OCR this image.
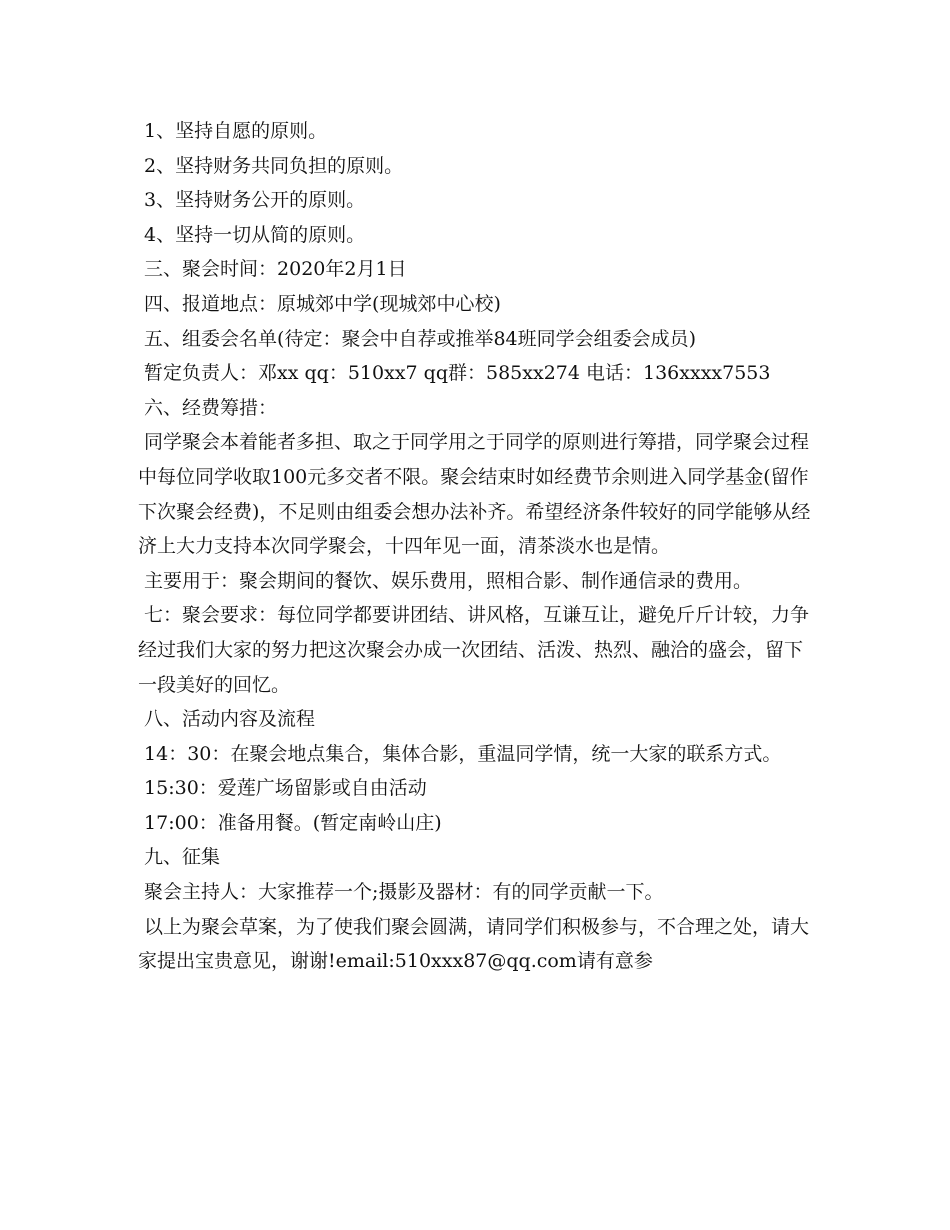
1、坚持自愿的原则。

2、坚持财务共同负担的原则。

3、坚持财务公开的原则。

4、坚持一切从简的原则。

三、聚会时间：2020年2月1日

四、报道地点：原城郊中学(现城郊中心校)

五、组委会名单(待定：聚会中自荐或推举84班同学会组委会成员)

暂定负责人：邓xx qq：510xx7 qq群：585xx274 电话：136xxxx7553

六、经费筹措：

同学聚会本着能者多担、取之于同学用之于同学的原则进行筹措，同学聚会过程中每位同学收取100元多交者不限。聚会结束时如经费节余则进入同学基金(留作下次聚会经费)，不足则由组委会想办法补齐。希望经济条件较好的同学能够从经济上大力支持本次同学聚会，十四年见一面，清茶淡水也是情。

主要用于：聚会期间的餐饮、娱乐费用，照相合影、制作通信录的费用。

七：聚会要求：每位同学都要讲团结、讲风格，互谦互让，避免斤斤计较，力争经过我们大家的努力把这次聚会办成一次团结、活泼、热烈、融洽的盛会，留下一段美好的回忆。

八、活动内容及流程

14：30：在聚会地点集合，集体合影，重温同学情，统一大家的联系方式。

15:30：爱莲广场留影或自由活动

17:00：准备用餐。(暂定南岭山庄)

九、征集

聚会主持人：大家推荐一个;摄影及器材：有的同学贡献一下。

以上为聚会草案，为了使我们聚会圆满，请同学们积极参与，不合理之处，请大家提出宝贵意见，谢谢!email:510xxx87@qq.com请有意参
